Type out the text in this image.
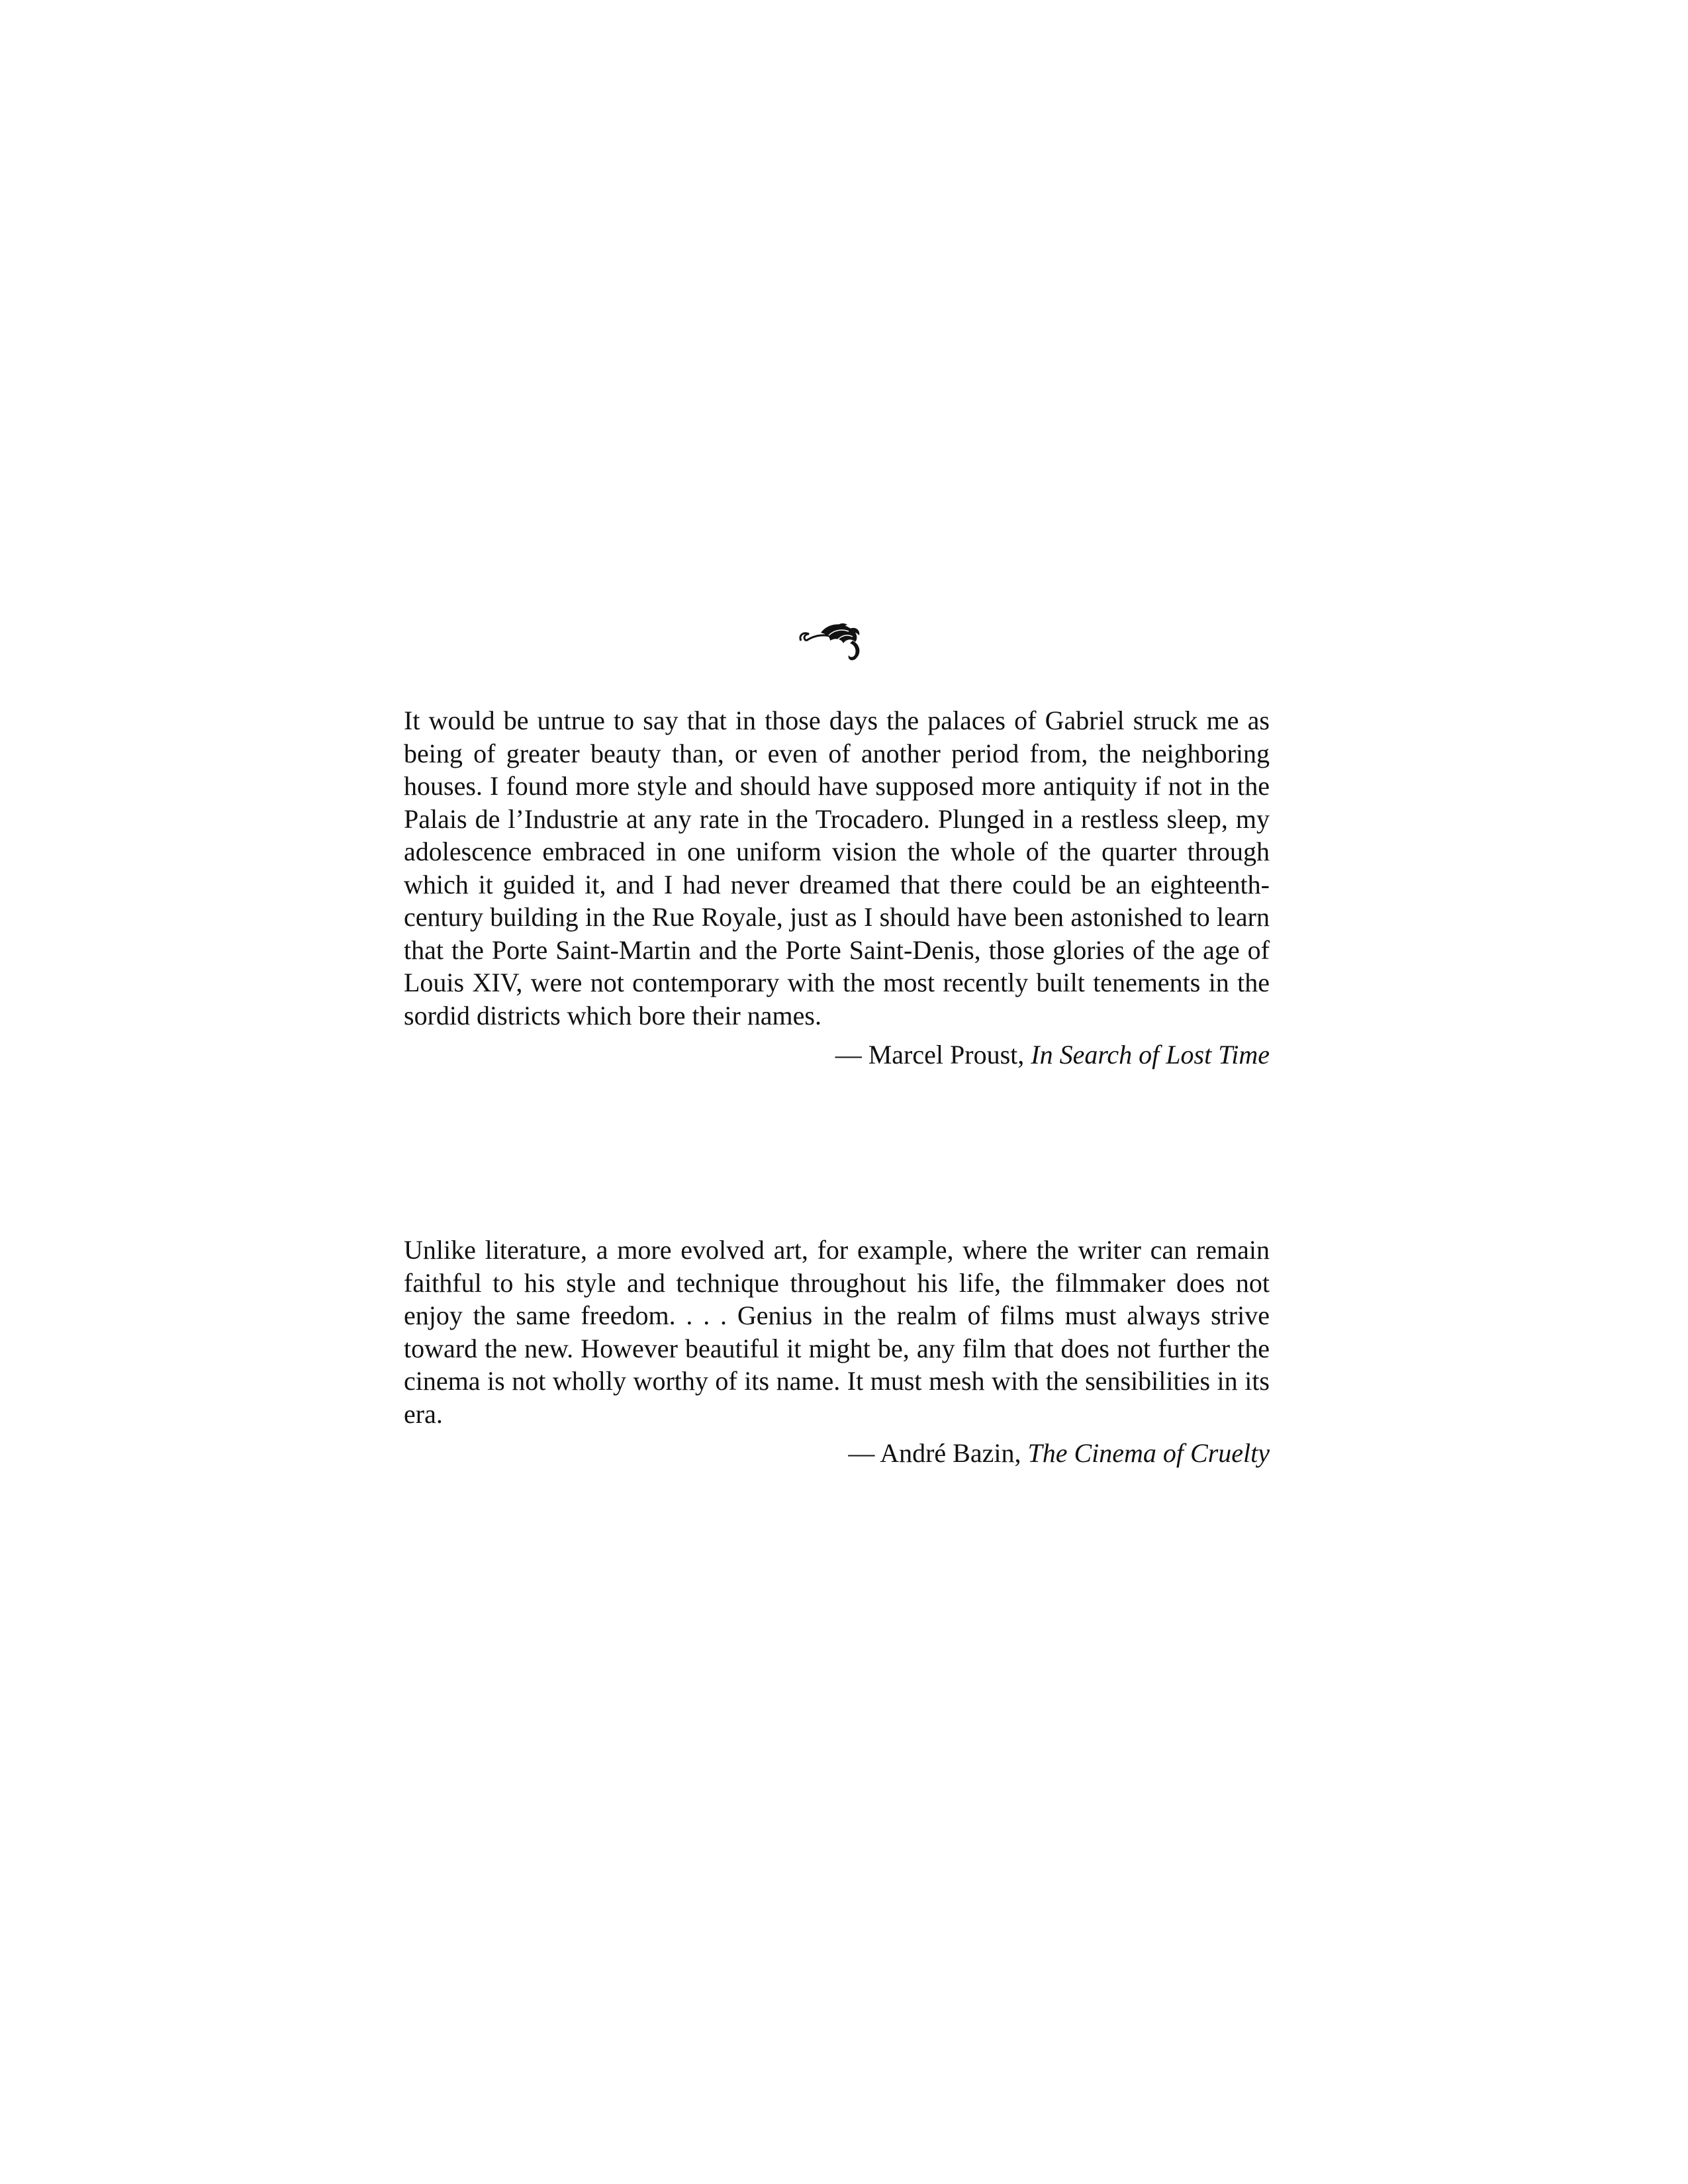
It would be untrue to say that in those days the palaces of Gabriel struck me as being of greater beauty than, or even of another period from, the neighboring houses. I found more style and should have supposed more antiquity if not in the Palais de l’Industrie at any rate in the Trocadero. Plunged in a restless sleep, my adolescence embraced in one uniform vision the whole of the quarter through which it guided it, and I had never dreamed that there could be an eighteenth-century building in the Rue Royale, just as I should have been astonished to learn that the Porte Saint-Martin and the Porte Saint-Denis, those glories of the age of Louis XIV, were not contemporary with the most recently built tenements in the sordid districts which bore their names.

— Marcel Proust, In Search of Lost Time

Unlike literature, a more evolved art, for example, where the writer can remain faithful to his style and technique throughout his life, the filmmaker does not enjoy the same freedom. . . . Genius in the realm of films must always strive toward the new. However beautiful it might be, any film that does not further the cinema is not wholly worthy of its name. It must mesh with the sensibilities in its era.

— André Bazin, The Cinema of Cruelty
